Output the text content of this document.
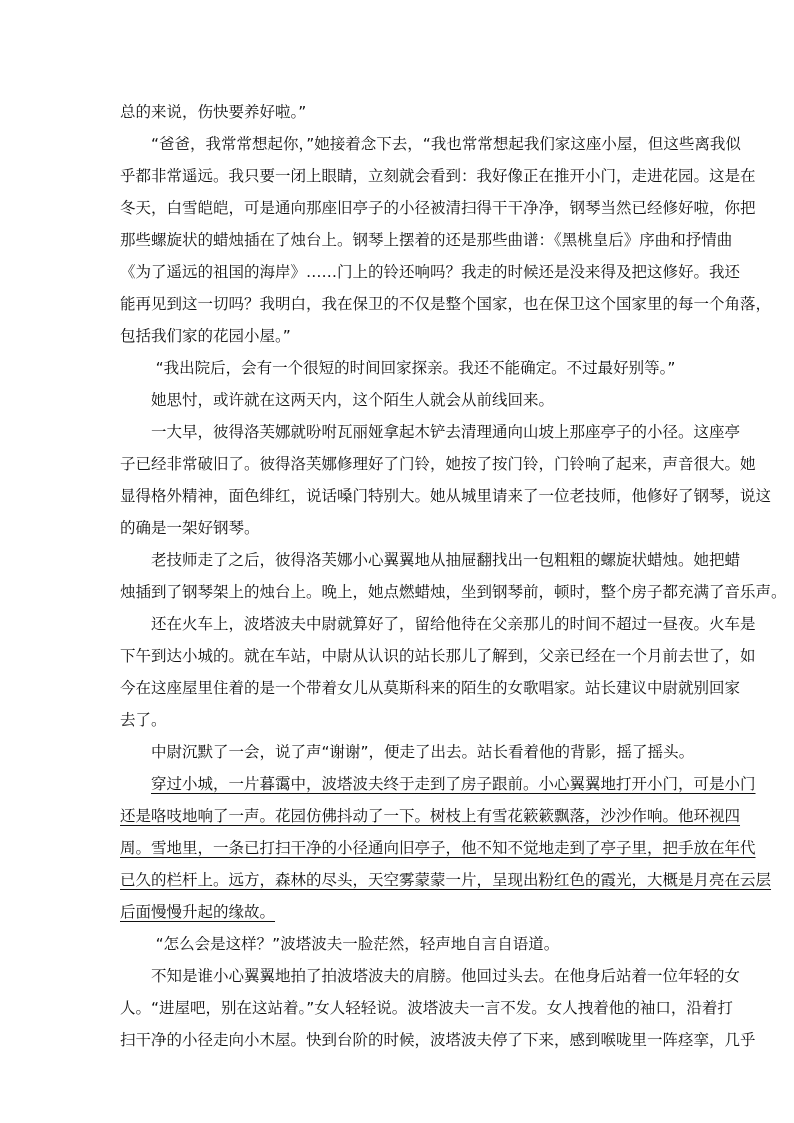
总的来说，伤快要养好啦。”
“爸爸，我常常想起你，”她接着念下去，“我也常常想起我们家这座小屋，但这些离我似
乎都非常遥远。我只要一闭上眼睛，立刻就会看到：我好像正在推开小门，走进花园。这是在
冬天，白雪皑皑，可是通向那座旧亭子的小径被清扫得干干净净，钢琴当然已经修好啦，你把
那些螺旋状的蜡烛插在了烛台上。钢琴上摆着的还是那些曲谱：《黑桃皇后》序曲和抒情曲
《为了遥远的祖国的海岸》……门上的铃还响吗？我走的时候还是没来得及把这修好。我还
能再见到这一切吗？我明白，我在保卫的不仅是整个国家，也在保卫这个国家里的每一个角落，
包括我们家的花园小屋。”
“我出院后，会有一个很短的时间回家探亲。我还不能确定。不过最好别等。”
她思忖，或许就在这两天内，这个陌生人就会从前线回来。
一大早，彼得洛芙娜就吩咐瓦丽娅拿起木铲去清理通向山坡上那座亭子的小径。这座亭
子已经非常破旧了。彼得洛芙娜修理好了门铃，她按了按门铃，门铃响了起来，声音很大。她
显得格外精神，面色绯红，说话嗓门特别大。她从城里请来了一位老技师，他修好了钢琴，说这
的确是一架好钢琴。
老技师走了之后，彼得洛芙娜小心翼翼地从抽屉翻找出一包粗粗的螺旋状蜡烛。她把蜡
烛插到了钢琴架上的烛台上。晚上，她点燃蜡烛，坐到钢琴前，顿时，整个房子都充满了音乐声。
还在火车上，波塔波夫中尉就算好了，留给他待在父亲那儿的时间不超过一昼夜。火车是
下午到达小城的。就在车站，中尉从认识的站长那儿了解到，父亲已经在一个月前去世了，如
今在这座屋里住着的是一个带着女儿从莫斯科来的陌生的女歌唱家。站长建议中尉就别回家
去了。
中尉沉默了一会，说了声“谢谢”，便走了出去。站长看着他的背影，摇了摇头。
穿过小城，一片暮霭中，波塔波夫终于走到了房子跟前。小心翼翼地打开小门，可是小门
还是咯吱地响了一声。花园仿佛抖动了一下。树枝上有雪花簌簌飘落，沙沙作响。他环视四
周。雪地里，一条已打扫干净的小径通向旧亭子，他不知不觉地走到了亭子里，把手放在年代
已久的栏杆上。远方，森林的尽头，天空雾蒙蒙一片，呈现出粉红色的霞光，大概是月亮在云层
后面慢慢升起的缘故。
“怎么会是这样？”波塔波夫一脸茫然，轻声地自言自语道。
不知是谁小心翼翼地拍了拍波塔波夫的肩膀。他回过头去。在他身后站着一位年轻的女
人。“进屋吧，别在这站着。”女人轻轻说。波塔波夫一言不发。女人拽着他的袖口，沿着打
扫干净的小径走向小木屋。快到台阶的时候，波塔波夫停了下来，感到喉咙里一阵痉挛，几乎
